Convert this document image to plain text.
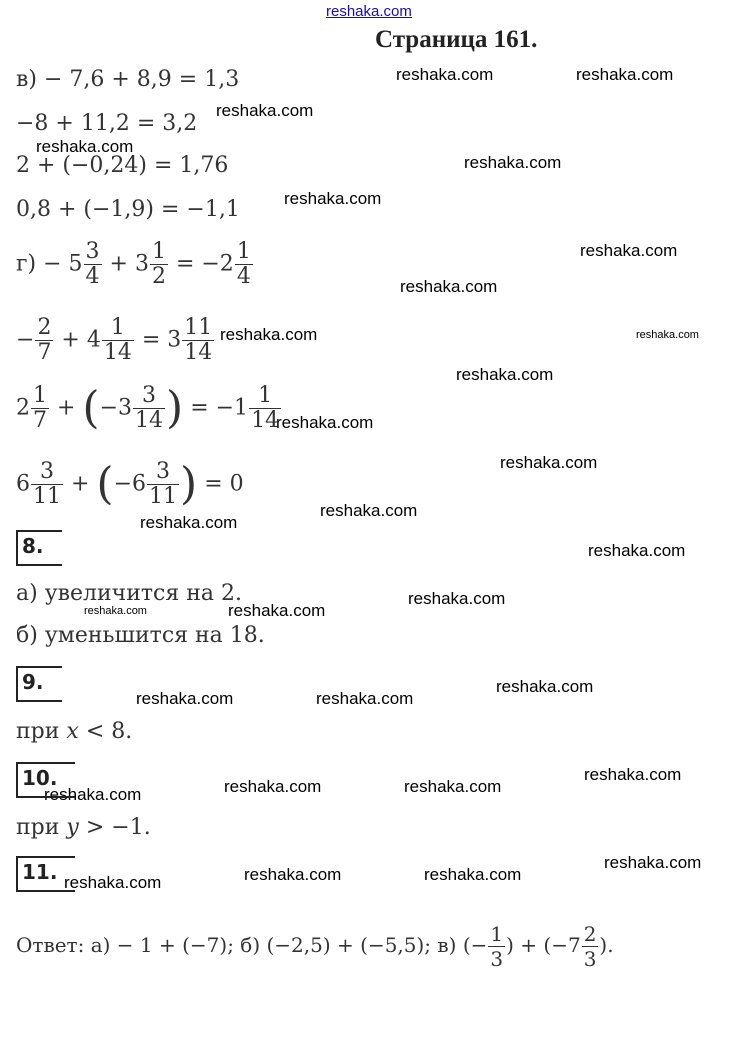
reshaka.com
Страница 161.
reshaka.com	reshaka.com
reshaka.com
reshaka.com
reshaka.com
reshaka.com
reshaka.com
reshaka.com
reshaka.com	reshaka.com
reshaka.com
reshaka.com
reshaka.com
reshaka.com
reshaka.com
reshaka.com
reshaka.com
reshaka.com
reshaka.com
reshaka.com
reshaka.com	reshaka.com
reshaka.com
reshaka.com	reshaka.com
reshaka.com
reshaka.com
reshaka.com	reshaka.com
reshaka.com
в) − 7,6 + 8,9 = 1,3
−8 + 11,2 = 3,2
2 + (−0,24) = 1,76
0,8 + (−1,9) = −1,1
$г) - 5 \frac{3}{4} + 3 \frac{1}{2} = -2 \frac{1}{4}$
− $\frac{2}{7} + 4 \frac{1}{14} = 3 \frac{11}{14}$
$2 \frac{1}{7} + (-3 \frac{3}{14}$ ) = $-1 \frac{1}{14}$
$6 \frac{3}{11} + (-6 \frac{3}{11}$ ) = 0
8.
а) увеличится на 2.
б) уменьшится на 18.
9.
при x < 8.
10.
при y > −1.
11.
Ответ: а) − 1 + (−7); б) (−2,5) + (−5,5); в) (− $\frac{1}{3}$ ) + ($-7 \frac{2}{3}$ ).
